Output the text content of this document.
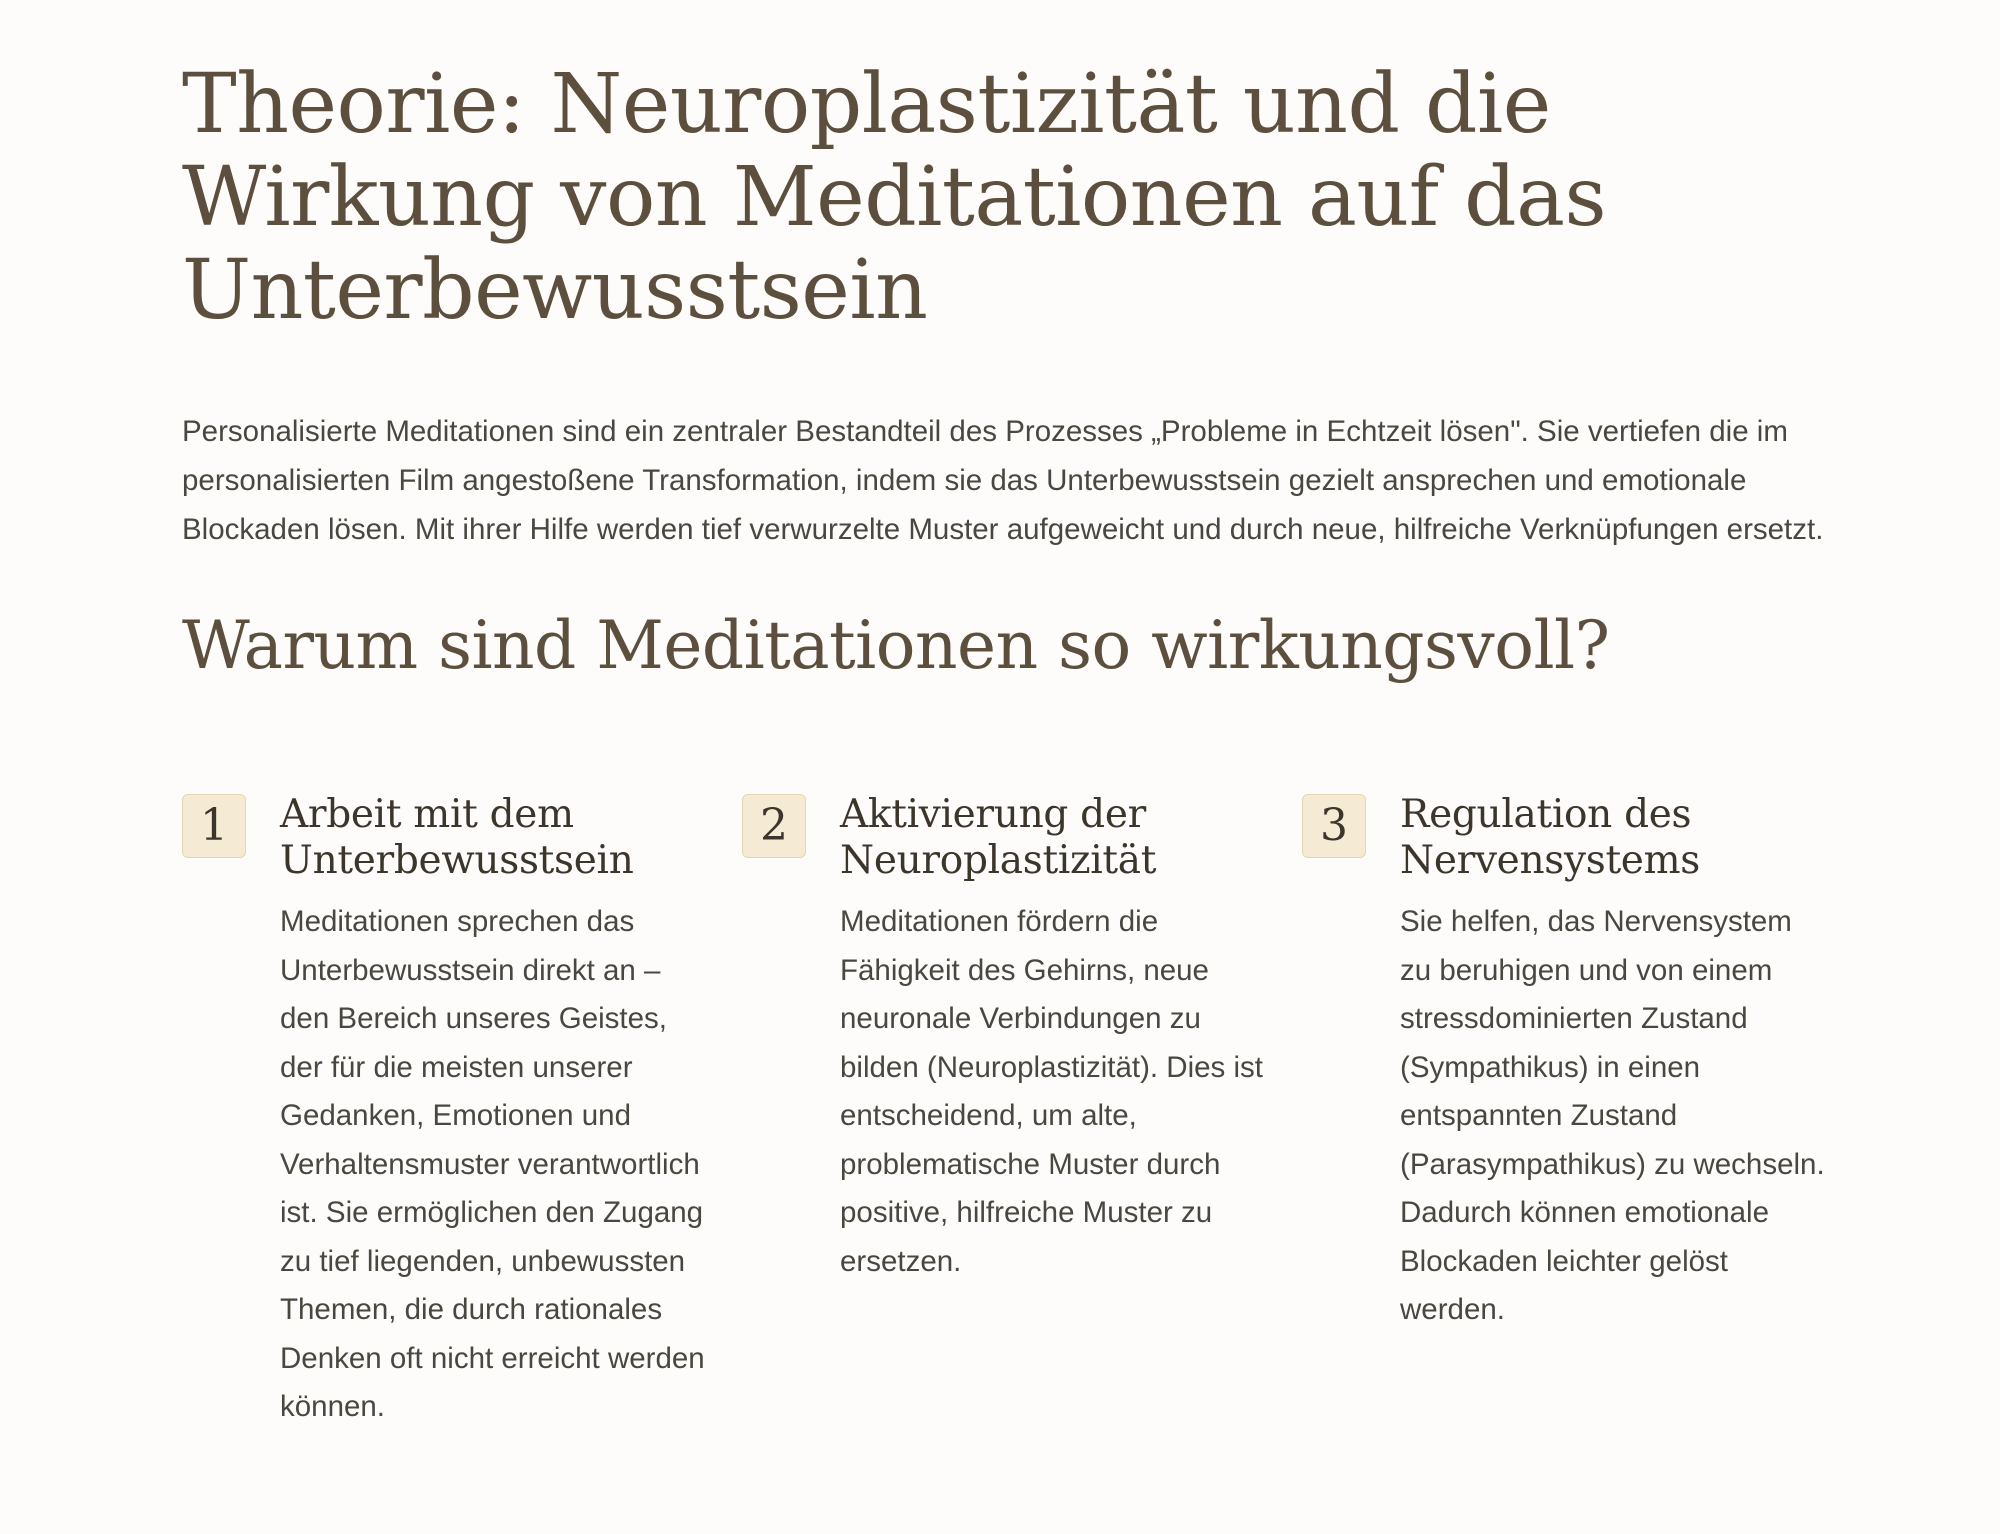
Theorie: Neuroplastizität und die Wirkung von Meditationen auf das Unterbewusstsein

Personalisierte Meditationen sind ein zentraler Bestandteil des Prozesses „Probleme in Echtzeit lösen". Sie vertiefen die im personalisierten Film angestoßene Transformation, indem sie das Unterbewusstsein gezielt ansprechen und emotionale Blockaden lösen. Mit ihrer Hilfe werden tief verwurzelte Muster aufgeweicht und durch neue, hilfreiche Verknüpfungen ersetzt.

Warum sind Meditationen so wirkungsvoll?
1	Arbeit mit dem Unterbewusstsein

Meditationen sprechen das Unterbewusstsein direkt an – den Bereich unseres Geistes, der für die meisten unserer Gedanken, Emotionen und Verhaltensmuster verantwortlich ist. Sie ermöglichen den Zugang zu tief liegenden, unbewussten Themen, die durch rationales Denken oft nicht erreicht werden können.

2	Aktivierung der Neuroplastizität

Meditationen fördern die Fähigkeit des Gehirns, neue neuronale Verbindungen zu bilden (Neuroplastizität). Dies ist entscheidend, um alte, problematische Muster durch positive, hilfreiche Muster zu ersetzen.

3	Regulation des Nervensystems

Sie helfen, das Nervensystem zu beruhigen und von einem stressdominierten Zustand (Sympathikus) in einen entspannten Zustand (Parasympathikus) zu wechseln. Dadurch können emotionale Blockaden leichter gelöst werden.
